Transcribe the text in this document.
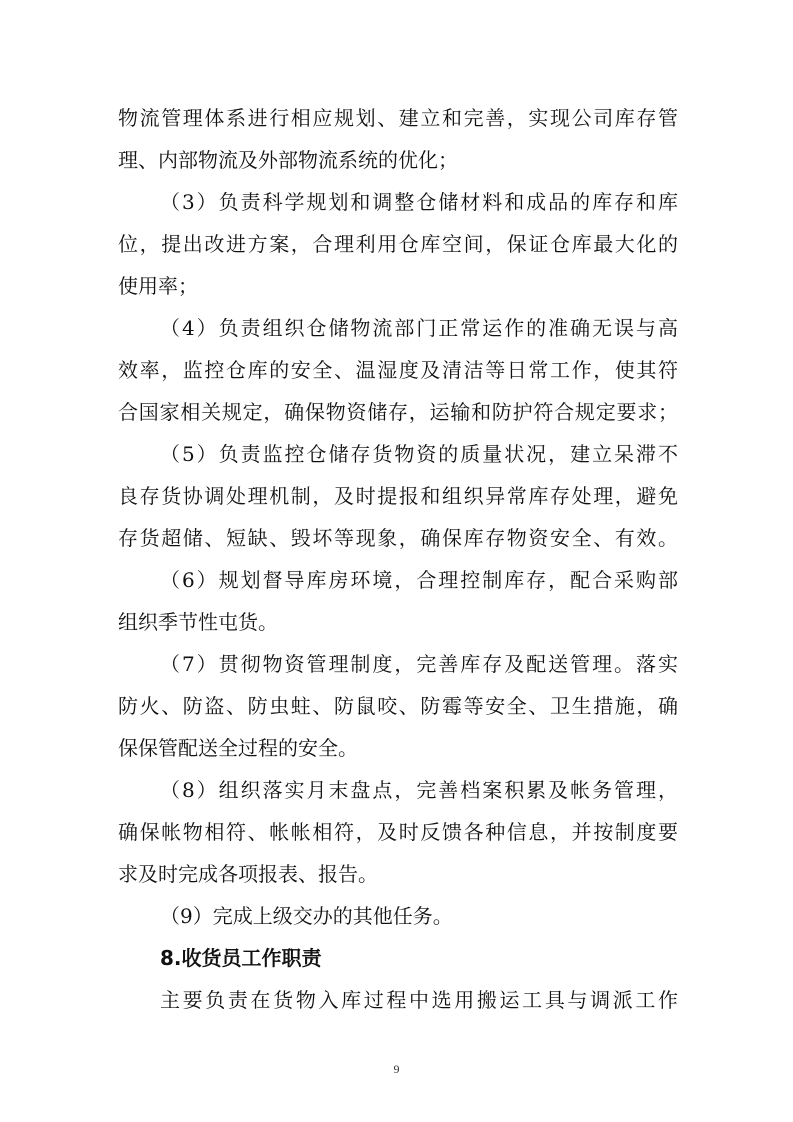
物流管理体系进行相应规划、建立和完善，实现公司库存管
理、内部物流及外部物流系统的优化；
（3）负责科学规划和调整仓储材料和成品的库存和库
位，提出改进方案，合理利用仓库空间，保证仓库最大化的
使用率；
（4）负责组织仓储物流部门正常运作的准确无误与高
效率，监控仓库的安全、温湿度及清洁等日常工作，使其符
合国家相关规定，确保物资储存，运输和防护符合规定要求；
（5）负责监控仓储存货物资的质量状况，建立呆滞不
良存货协调处理机制，及时提报和组织异常库存处理，避免
存货超储、短缺、毁坏等现象，确保库存物资安全、有效。
（6）规划督导库房环境，合理控制库存，配合采购部
组织季节性屯货。
（7）贯彻物资管理制度，完善库存及配送管理。落实
防火、防盗、防虫蛀、防鼠咬、防霉等安全、卫生措施，确
保保管配送全过程的安全。
（8）组织落实月末盘点，完善档案积累及帐务管理，
确保帐物相符、帐帐相符，及时反馈各种信息，并按制度要
求及时完成各项报表、报告。
（9）完成上级交办的其他任务。
8.收货员工作职责
主要负责在货物入库过程中选用搬运工具与调派工作
9
